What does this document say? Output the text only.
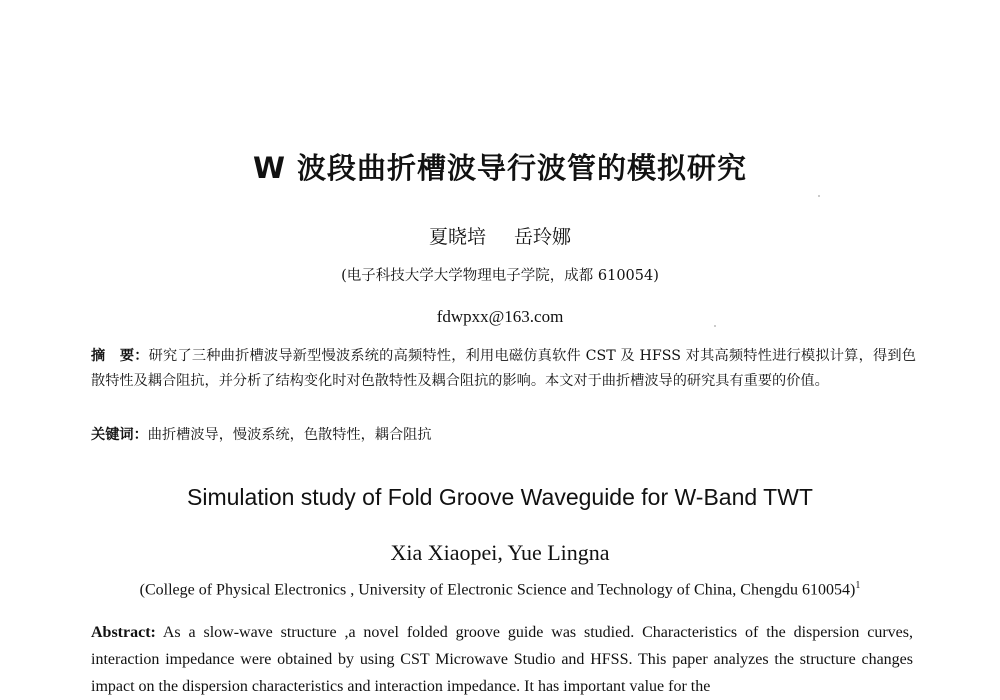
W 波段曲折槽波导行波管的模拟研究
夏晓培 岳玲娜
(电子科技大学大学物理电子学院，成都 610054)
fdwpxx@163.com
摘　要：研究了三种曲折槽波导新型慢波系统的高频特性，利用电磁仿真软件 CST 及 HFSS 对其高频特性进行模拟计算，得到色散特性及耦合阻抗，并分析了结构变化时对色散特性及耦合阻抗的影响。本文对于曲折槽波导的研究具有重要的价值。
关键词：曲折槽波导，慢波系统，色散特性，耦合阻抗
Simulation study of Fold Groove Waveguide for W-Band TWT
Xia Xiaopei, Yue Lingna
(College of Physical Electronics , University of Electronic Science and Technology of China, Chengdu 610054)$^1$
Abstract: As a slow-wave structure ,a novel folded groove guide was studied. Characteristics of the dispersion curves, interaction impedance were obtained by using CST Microwave Studio and HFSS. This paper analyzes the structure changes impact on the dispersion characteristics and interaction impedance. It has important value for the
